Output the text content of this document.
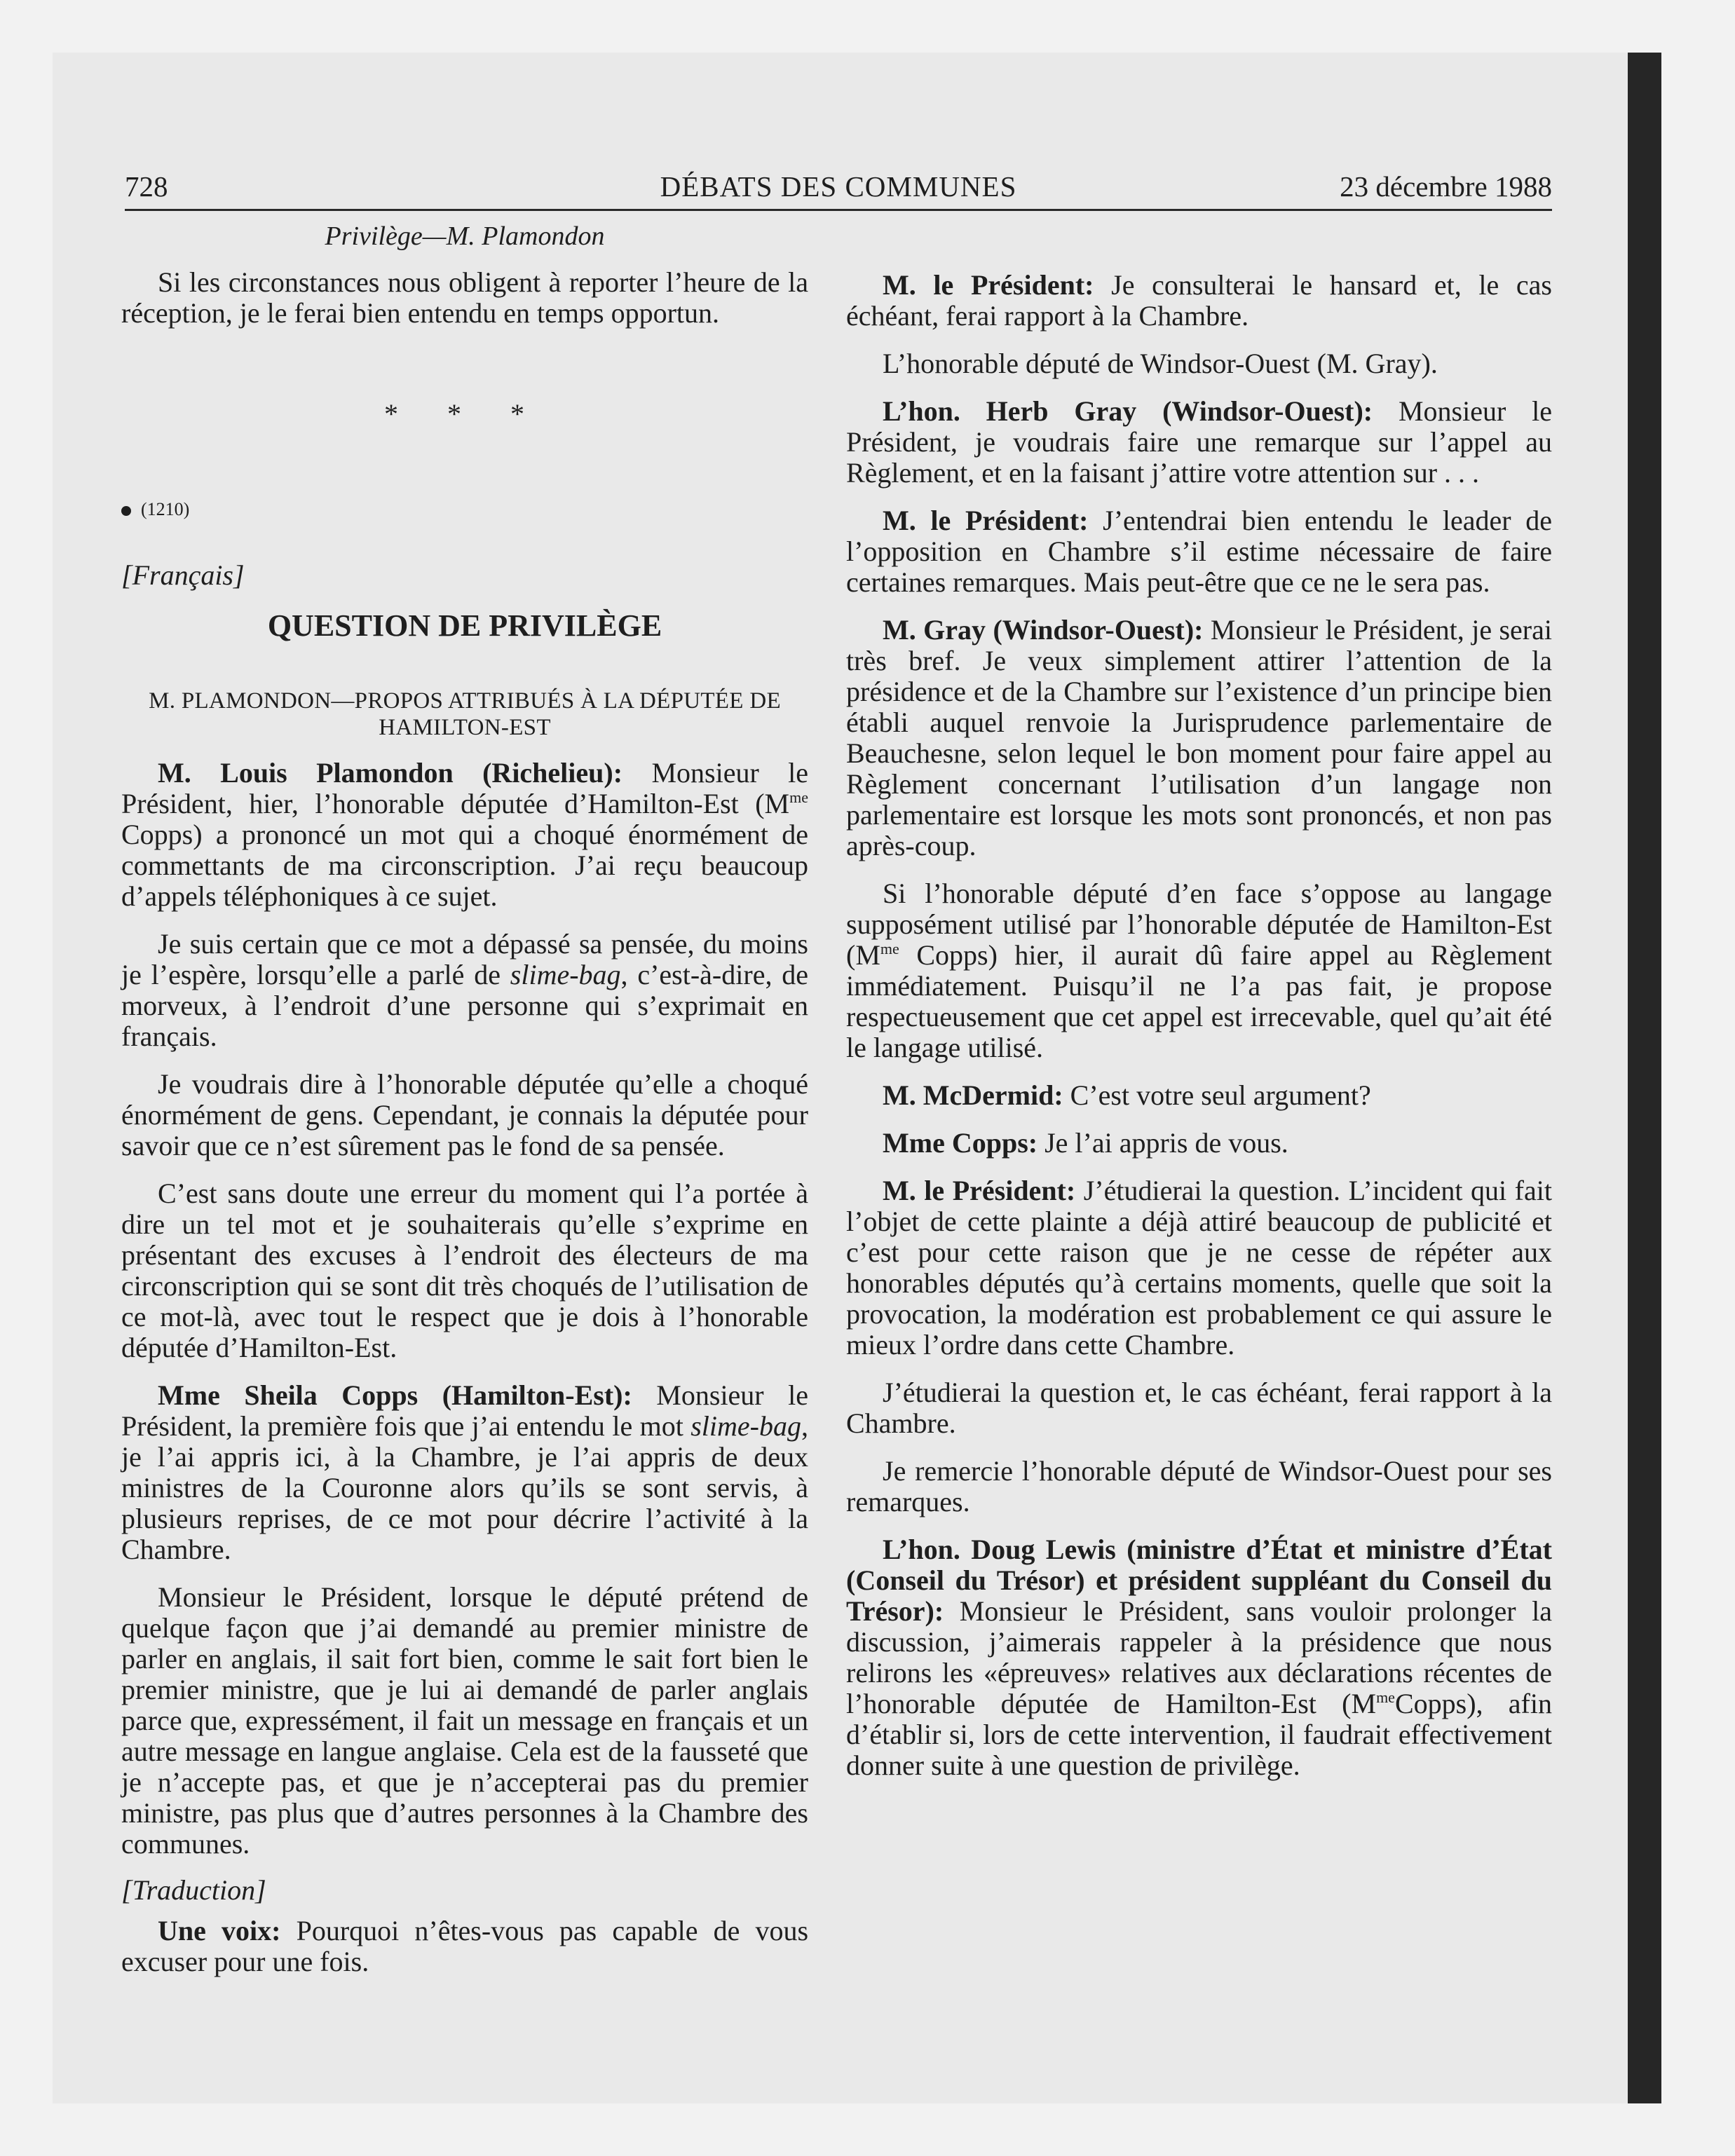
728	DÉBATS DES COMMUNES	23 décembre 1988

Privilège—M. Plamondon

Si les circonstances nous obligent à reporter l’heure de la réception, je le ferai bien entendu en temps opportun.

* * *

(1210)

[Français]

QUESTION DE PRIVILÈGE

M. PLAMONDON—PROPOS ATTRIBUÉS À LA DÉPUTÉE DE HAMILTON-EST

M. Louis Plamondon (Richelieu): Monsieur le Président, hier, l’honorable députée d’Hamilton-Est ($M^{me}$ Copps) a prononcé un mot qui a choqué énormément de commettants de ma circonscription. J’ai reçu beaucoup d’appels téléphoniques à ce sujet.

Je suis certain que ce mot a dépassé sa pensée, du moins je l’espère, lorsqu’elle a parlé de slime-bag, c’est-à-dire, de morveux, à l’endroit d’une personne qui s’exprimait en français.

Je voudrais dire à l’honorable députée qu’elle a choqué énormément de gens. Cependant, je connais la députée pour savoir que ce n’est sûrement pas le fond de sa pensée.

C’est sans doute une erreur du moment qui l’a portée à dire un tel mot et je souhaiterais qu’elle s’exprime en présentant des excuses à l’endroit des électeurs de ma circonscription qui se sont dit très choqués de l’utilisation de ce mot-là, avec tout le respect que je dois à l’honorable députée d’Hamilton-Est.

Mme Sheila Copps (Hamilton-Est): Monsieur le Président, la première fois que j’ai entendu le mot slime-bag, je l’ai appris ici, à la Chambre, je l’ai appris de deux ministres de la Couronne alors qu’ils se sont servis, à plusieurs reprises, de ce mot pour décrire l’activité à la Chambre.

Monsieur le Président, lorsque le député prétend de quelque façon que j’ai demandé au premier ministre de parler en anglais, il sait fort bien, comme le sait fort bien le premier ministre, que je lui ai demandé de parler anglais parce que, expressément, il fait un message en français et un autre message en langue anglaise. Cela est de la fausseté que je n’accepte pas, et que je n’accepterai pas du premier ministre, pas plus que d’autres personnes à la Chambre des communes.

[Traduction]

Une voix: Pourquoi n’êtes-vous pas capable de vous excuser pour une fois.

M. le Président: Je consulterai le hansard et, le cas échéant, ferai rapport à la Chambre.

L’honorable député de Windsor-Ouest (M. Gray).

L’hon. Herb Gray (Windsor-Ouest): Monsieur le Président, je voudrais faire une remarque sur l’appel au Règlement, et en la faisant j’attire votre attention sur . . .

M. le Président: J’entendrai bien entendu le leader de l’opposition en Chambre s’il estime nécessaire de faire certaines remarques. Mais peut-être que ce ne le sera pas.

M. Gray (Windsor-Ouest): Monsieur le Président, je serai très bref. Je veux simplement attirer l’attention de la présidence et de la Chambre sur l’existence d’un principe bien établi auquel renvoie la Jurisprudence parlementaire de Beauchesne, selon lequel le bon moment pour faire appel au Règlement concernant l’utilisation d’un langage non parlementaire est lorsque les mots sont prononcés, et non pas après-coup.

Si l’honorable député d’en face s’oppose au langage supposément utilisé par l’honorable députée de Hamilton-Est ($M^{me}$ Copps) hier, il aurait dû faire appel au Règlement immédiatement. Puisqu’il ne l’a pas fait, je propose respectueusement que cet appel est irrecevable, quel qu’ait été le langage utilisé.

M. McDermid: C’est votre seul argument?

Mme Copps: Je l’ai appris de vous.

M. le Président: J’étudierai la question. L’incident qui fait l’objet de cette plainte a déjà attiré beaucoup de publicité et c’est pour cette raison que je ne cesse de répéter aux honorables députés qu’à certains moments, quelle que soit la provocation, la modération est probablement ce qui assure le mieux l’ordre dans cette Chambre.

J’étudierai la question et, le cas échéant, ferai rapport à la Chambre.

Je remercie l’honorable député de Windsor-Ouest pour ses remarques.

L’hon. Doug Lewis (ministre d’État et ministre d’État (Conseil du Trésor) et président suppléant du Conseil du Trésor): Monsieur le Président, sans vouloir prolonger la discussion, j’aimerais rappeler à la présidence que nous relirons les «épreuves» relatives aux déclarations récentes de l’honorable députée de Hamilton-Est $(M^{me}Copps)$, afin d’établir si, lors de cette intervention, il faudrait effectivement donner suite à une question de privilège.
